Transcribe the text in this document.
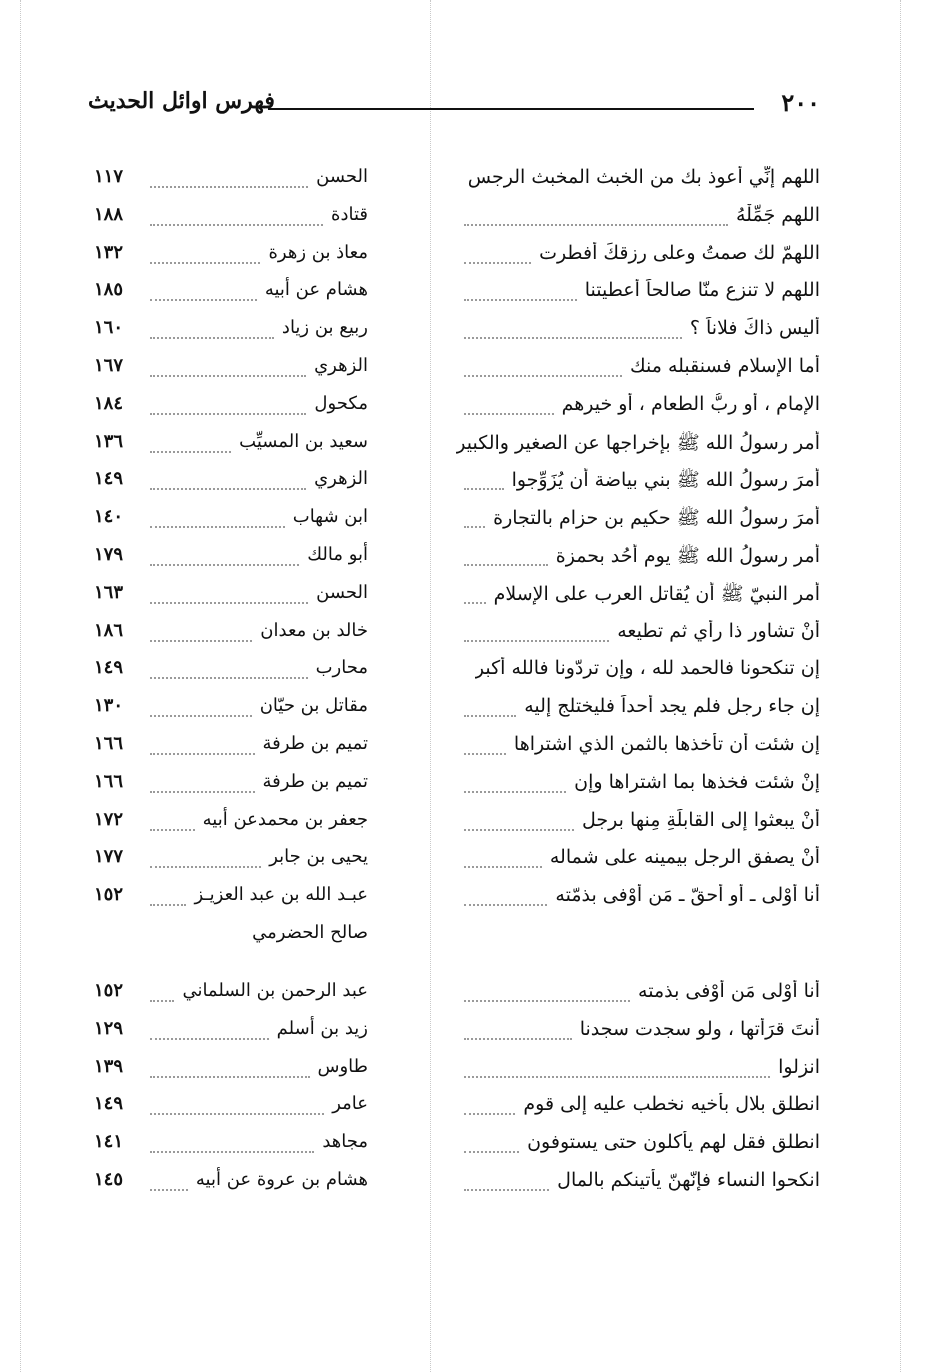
٢٠٠
فهرس اوائل الحديث
اللهم إِنِّي أعوذ بك من الخبث المخبث الرجس
الحسن
١١٧
اللهم جَمِّلْهُ
قتادة
١٨٨
اللهمّ لك صمتُ وعلى رزقكَ أفطرت
معاذ بن زهرة
١٣٢
اللهم لا تنزع منّا صالحاً أعطيتنا
هشام عن أبيه
١٨٥
أليس ذاكَ فلاناً ؟
ربيع بن زياد
١٦٠
أما الإسلام فسنقبله منك
الزهري
١٦٧
الإمام ، أو ربُّ الطعام ، أو خيرهم
مكحول
١٨٤
أمر رسولُ الله ﷺ بإخراجها عن الصغير والكبير
سعيد بن المسيِّب
١٣٦
أمرَ رسولُ الله ﷺ بني بياضة أن يُزَوِّجوا
الزهري
١٤٩
أمرَ رسولُ الله ﷺ حكيم بن حزام بالتجارة
ابن شهاب
١٤٠
أمر رسولُ الله ﷺ يوم أُحُد بحمزة
أبو مالك
١٧٩
أمر النبيّ ﷺ أن يُقاتل العرب على الإسلام
الحسن
١٦٣
أنْ تشاور ذا رأي ثم تطيعه
خالد بن معدان
١٨٦
إن تنكحونا فالحمد لله ، وإن تردّونا فالله أكبر
محارب
١٤٩
إن جاء رجل فلم يجد أحداً فليختلج إليه
مقاتل بن حيّان
١٣٠
إن شئت أن تأخذها بالثمن الذي اشتراها
تميم بن طرفة
١٦٦
إنْ شئت فخذها بما اشتراها وإن
تميم بن طرفة
١٦٦
أنْ يبعثوا إلى القابلَةِ مِنها برجل
جعفر بن محمدعن أبيه
١٧٢
أنْ يصفق الرجل بيمينه على شماله
يحيى بن جابر
١٧٧
أنا أَوْلى ـ أو أحقّ ـ مَن أَوْفى بذمّته
عبـد الله بن عبد العزيـز
١٥٢
صالح الحضرمي
أنا أَوْلى مَن أَوْفى بذمته
عبد الرحمن بن السلماني
١٥٢
أنتَ قرَأْتها ، ولو سجدت سجدنا
زيد بن أسلم
١٢٩
انزلوا
طاوس
١٣٩
انطلق بلال بأخيه نخطب عليه إلى قوم
عامر
١٤٩
انطلق فقل لهم يأكلون حتى يستوفون
مجاهد
١٤١
انكحوا النساء فإنّهنّ يأتينكم بالمال
هشام بن عروة عن أبيه
١٤٥
